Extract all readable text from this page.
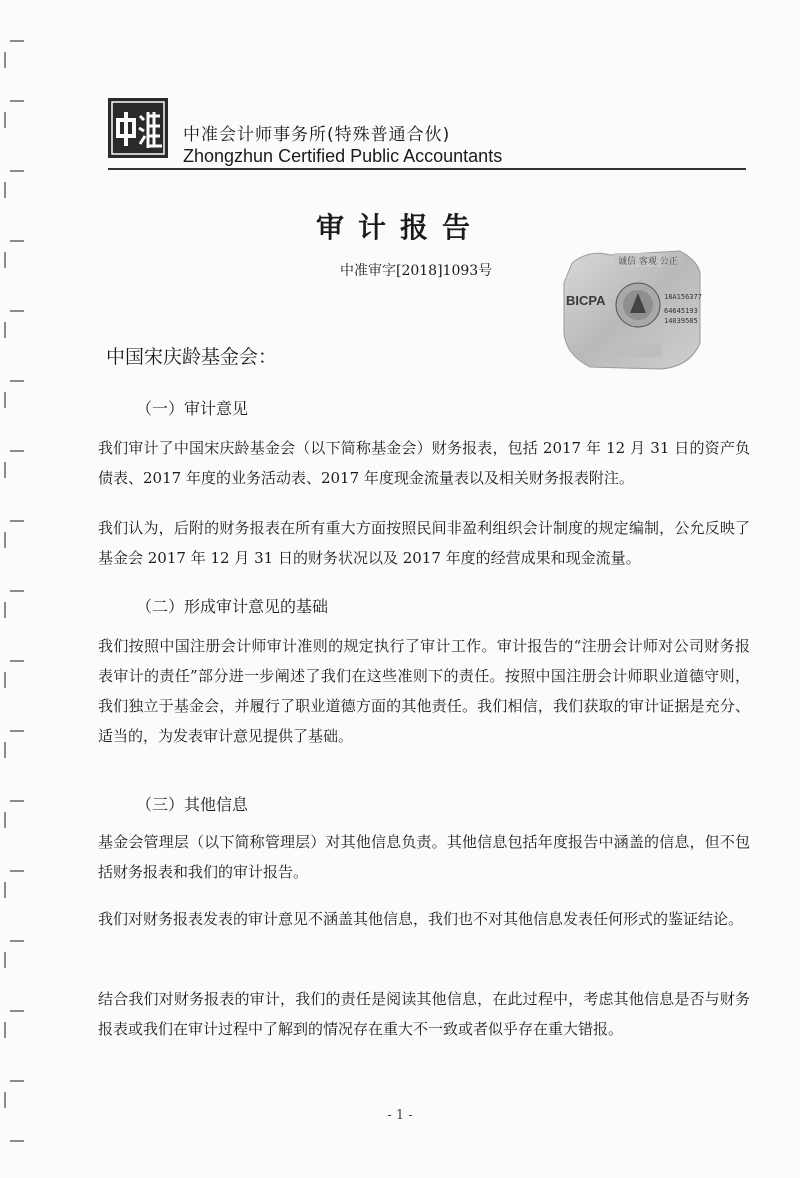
中准会计师事务所(特殊普通合伙)
Zhongzhun Certified Public Accountants
审计报告
中准审字[2018]1093号
诚信 客观 公正
BICPA	18A156377
64645193
14039585
中国宋庆龄基金会：
（一）审计意见

我们审计了中国宋庆龄基金会（以下简称基金会）财务报表，包括 2017 年 12 月 31 日的资产负债表、2017 年度的业务活动表、2017 年度现金流量表以及相关财务报表附注。

我们认为，后附的财务报表在所有重大方面按照民间非盈利组织会计制度的规定编制，公允反映了基金会 2017 年 12 月 31 日的财务状况以及 2017 年度的经营成果和现金流量。

（二）形成审计意见的基础

我们按照中国注册会计师审计准则的规定执行了审计工作。审计报告的“注册会计师对公司财务报表审计的责任”部分进一步阐述了我们在这些准则下的责任。按照中国注册会计师职业道德守则，我们独立于基金会，并履行了职业道德方面的其他责任。我们相信，我们获取的审计证据是充分、适当的，为发表审计意见提供了基础。

（三）其他信息

基金会管理层（以下简称管理层）对其他信息负责。其他信息包括年度报告中涵盖的信息，但不包括财务报表和我们的审计报告。

我们对财务报表发表的审计意见不涵盖其他信息，我们也不对其他信息发表任何形式的鉴证结论。

结合我们对财务报表的审计，我们的责任是阅读其他信息，在此过程中，考虑其他信息是否与财务报表或我们在审计过程中了解到的情况存在重大不一致或者似乎存在重大错报。

- 1 -
